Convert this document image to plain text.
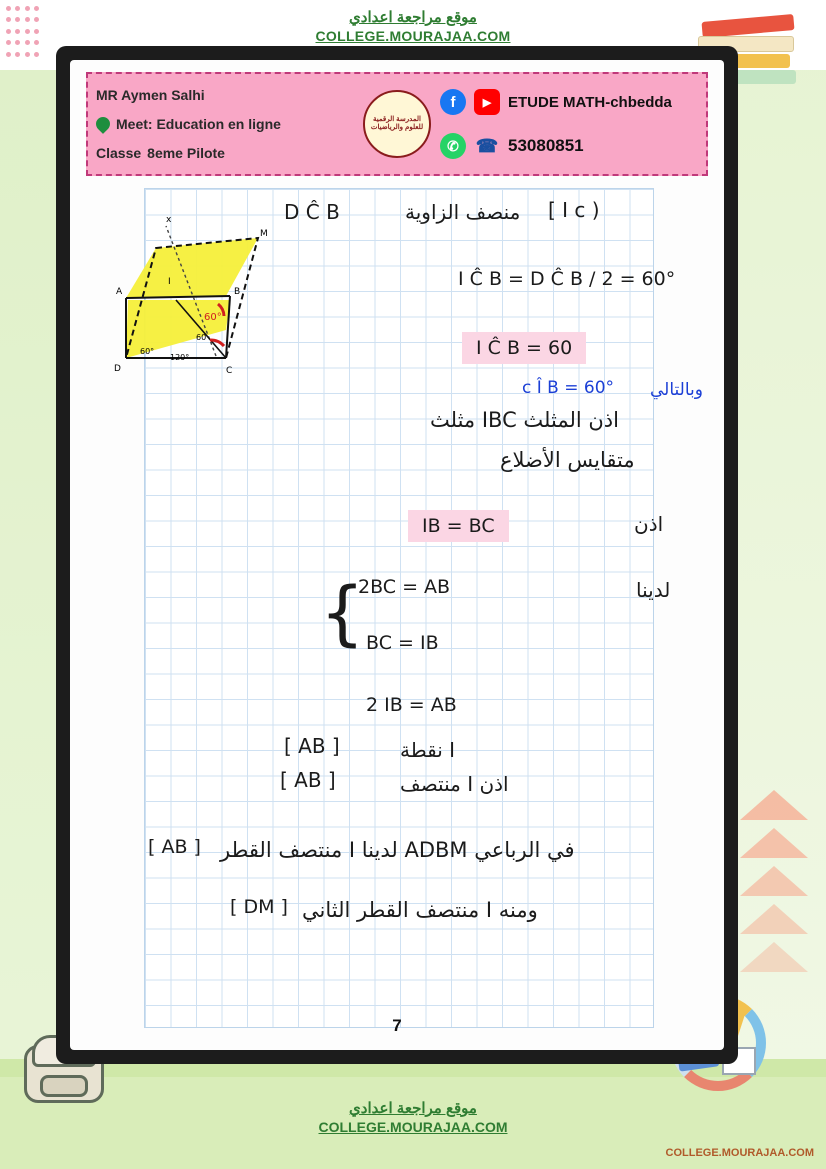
موقع مراجعة اعدادي
COLLEGE.MOURAJAA.COM
MR Aymen Salhi
Meet: Education en ligne
Classe 8eme Pilote
المدرسة الرقمية للعلوم والرياضيات
f	▶	ETUDE MATH-chbedda
✆ ☎ 53080851
A	B
C
D
M
I
x
60°
60
60°
120°
( I c ]
منصف الزاوية
D Ĉ B
I Ĉ B = D Ĉ B / 2 = 60°
I Ĉ B = 60
c Î B = 60° وبالتالي
اذن المثلث IBC مثلث
متقايس الأضلاع
IB = BC	اذن
لدينا
{
2BC = AB
BC = IB
2 IB = AB
I نقطة
[ AB ]
اذن I منتصف
[ AB ]
في الرباعي ADBM لدينا I منتصف القطر
[ AB ]
ومنه I منتصف القطر الثاني
[ DM ]
7
موقع مراجعة اعدادي
COLLEGE.MOURAJAA.COM
COLLEGE.MOURAJAA.COM
